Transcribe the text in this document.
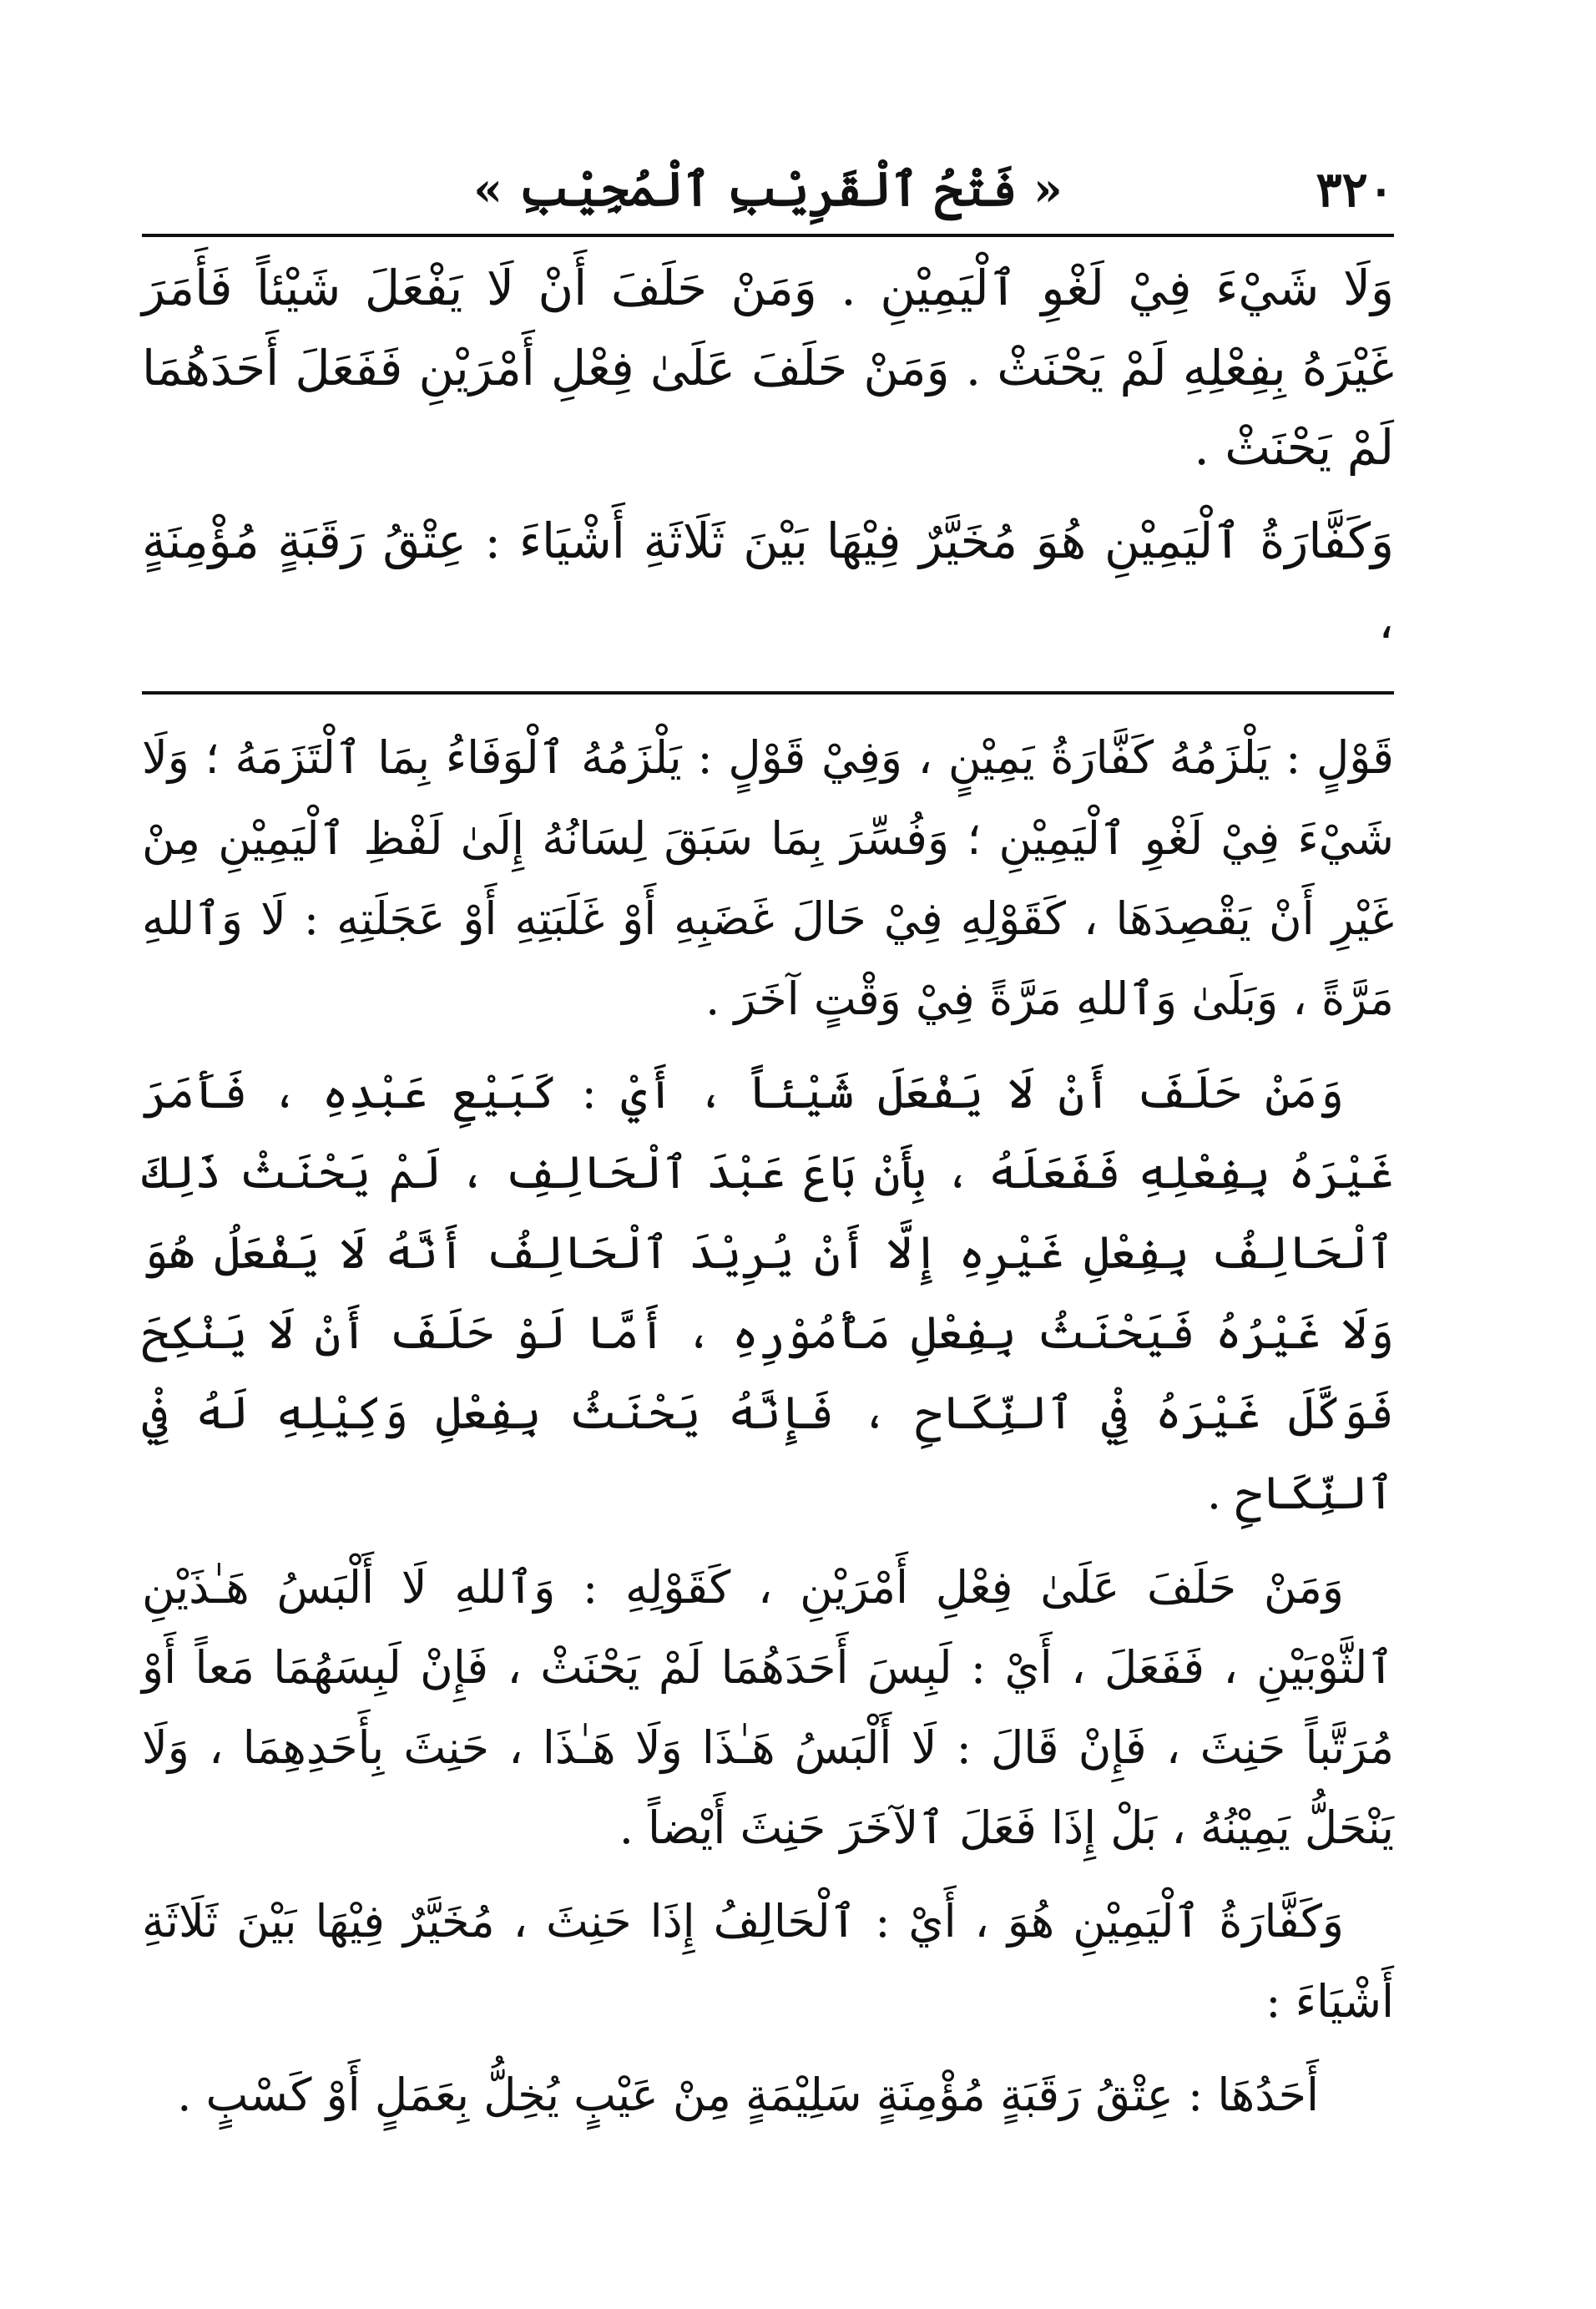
٣٢٠
« فَتْحُ ٱلْقَرِيْبِ ٱلْمُجِيْبِ »

وَلَا شَيْءَ فِيْ لَغْوِ ٱلْيَمِيْنِ . وَمَنْ حَلَفَ أَنْ لَا يَفْعَلَ شَيْئاً فَأَمَرَ غَيْرَهُ بِفِعْلِهِ لَمْ يَحْنَثْ . وَمَنْ حَلَفَ عَلَىٰ فِعْلِ أَمْرَيْنِ فَفَعَلَ أَحَدَهُمَا لَمْ يَحْنَثْ .

وَكَفَّارَةُ ٱلْيَمِيْنِ هُوَ مُخَيَّرٌ فِيْهَا بَيْنَ ثَلَاثَةِ أَشْيَاءَ : عِتْقُ رَقَبَةٍ مُؤْمِنَةٍ ،

قَوْلٍ : يَلْزَمُهُ كَفَّارَةُ يَمِيْنٍ ، وَفِيْ قَوْلٍ : يَلْزَمُهُ ٱلْوَفَاءُ بِمَا ٱلْتَزَمَهُ ؛ وَلَا شَيْءَ فِيْ لَغْوِ ٱلْيَمِيْنِ ؛ وَفُسِّرَ بِمَا سَبَقَ لِسَانُهُ إِلَىٰ لَفْظِ ٱلْيَمِيْنِ مِنْ غَيْرِ أَنْ يَقْصِدَهَا ، كَقَوْلِهِ فِيْ حَالَ غَضَبِهِ أَوْ غَلَبَتِهِ أَوْ عَجَلَتِهِ : لَا وَٱللهِ مَرَّةً ، وَبَلَىٰ وَٱللهِ مَرَّةً فِيْ وَقْتٍ آخَرَ .

وَمَنْ حَلَفَ أَنْ لَا يَفْعَلَ شَيْئاً ، أَيْ : كَبَيْعِ عَبْدِهِ ، فَأَمَرَ غَيْرَهُ بِفِعْلِهِ فَفَعَلَهُ ، بِأَنْ بَاعَ عَبْدَ ٱلْحَالِفِ ، لَمْ يَحْنَثْ ذَلِكَ ٱلْحَالِفُ بِفِعْلِ غَيْرِهِ إِلَّا أَنْ يُرِيْدَ ٱلْحَالِفُ أَنَّهُ لَا يَفْعَلُ هُوَ وَلَا غَيْرُهُ فَيَحْنَثُ بِفِعْلِ مَأْمُوْرِهِ ، أَمَّا لَوْ حَلَفَ أَنْ لَا يَنْكِحَ فَوَكَّلَ غَيْرَهُ فِيْ ٱلنِّكَاحِ ، فَإِنَّهُ يَحْنَثُ بِفِعْلِ وَكِيْلِهِ لَهُ فِيْ ٱلنِّكَاحِ .

وَمَنْ حَلَفَ عَلَىٰ فِعْلِ أَمْرَيْنِ ، كَقَوْلِهِ : وَٱللهِ لَا أَلْبَسُ هَـٰذَيْنِ ٱلثَّوْبَيْنِ ، فَفَعَلَ ، أَيْ : لَبِسَ أَحَدَهُمَا لَمْ يَحْنَثْ ، فَإِنْ لَبِسَهُمَا مَعاً أَوْ مُرَتَّباً حَنِثَ ، فَإِنْ قَالَ : لَا أَلْبَسُ هَـٰذَا وَلَا هَـٰذَا ، حَنِثَ بِأَحَدِهِمَا ، وَلَا يَنْحَلُّ يَمِيْنُهُ ، بَلْ إِذَا فَعَلَ ٱلآخَرَ حَنِثَ أَيْضاً .

وَكَفَّارَةُ ٱلْيَمِيْنِ هُوَ ، أَيْ : ٱلْحَالِفُ إِذَا حَنِثَ ، مُخَيَّرٌ فِيْهَا بَيْنَ ثَلَاثَةِ أَشْيَاءَ :

أَحَدُهَا : عِتْقُ رَقَبَةٍ مُؤْمِنَةٍ سَلِيْمَةٍ مِنْ عَيْبٍ يُخِلُّ بِعَمَلٍ أَوْ كَسْبٍ .
